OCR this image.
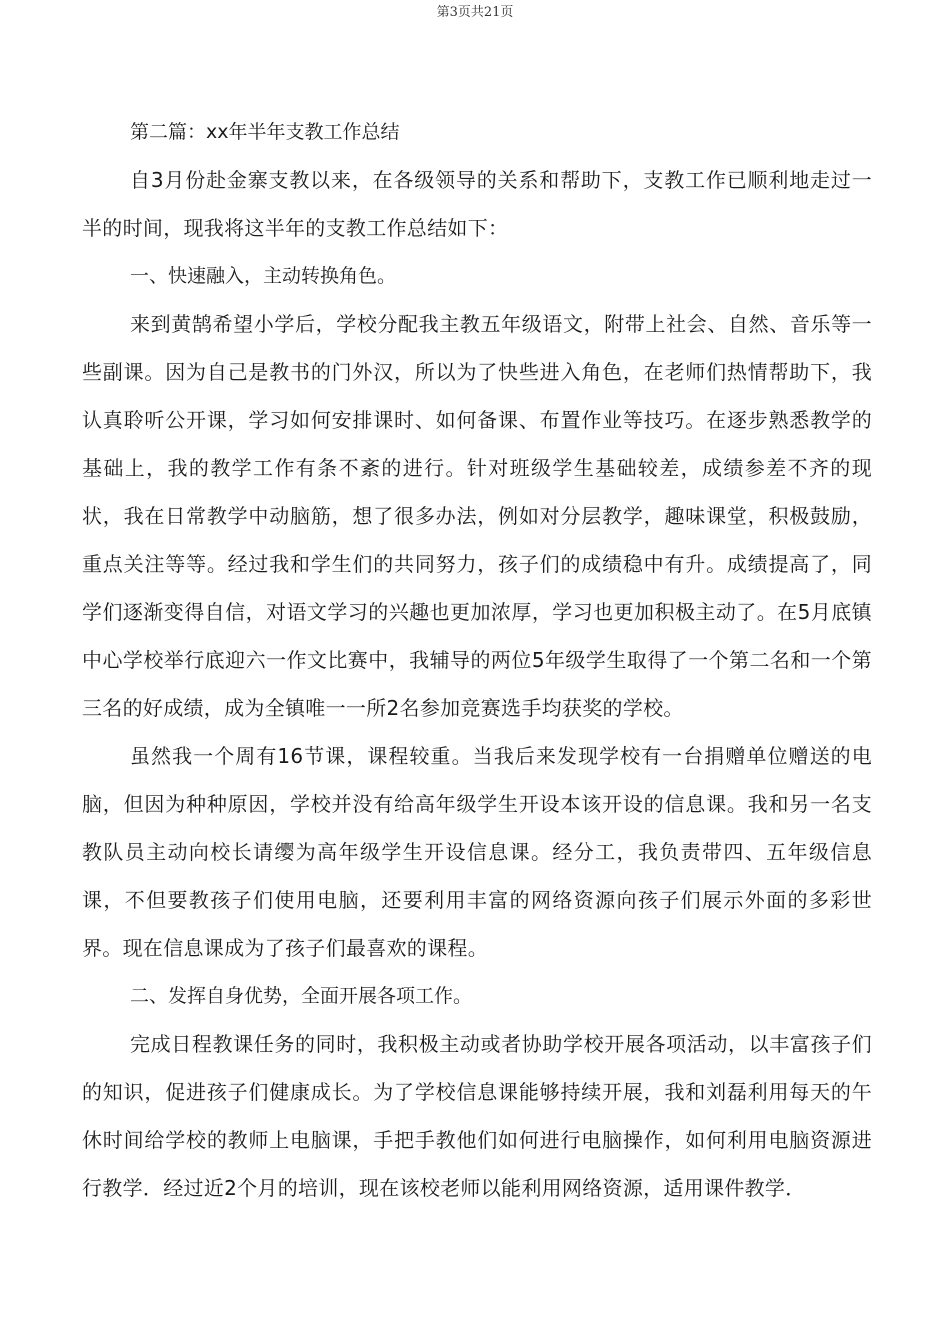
第3页共21页

第二篇：xx年半年支教工作总结

自3月份赴金寨支教以来，在各级领导的关系和帮助下，支教工作已顺利地走过一半的时间，现我将这半年的支教工作总结如下：

一、快速融入，主动转换角色。

来到黄鹄希望小学后，学校分配我主教五年级语文，附带上社会、自然、音乐等一些副课。因为自己是教书的门外汉，所以为了快些进入角色，在老师们热情帮助下，我认真聆听公开课，学习如何安排课时、如何备课、布置作业等技巧。在逐步熟悉教学的基础上，我的教学工作有条不紊的进行。针对班级学生基础较差，成绩参差不齐的现状，我在日常教学中动脑筋，想了很多办法，例如对分层教学，趣味课堂，积极鼓励，重点关注等等。经过我和学生们的共同努力，孩子们的成绩稳中有升。成绩提高了，同学们逐渐变得自信，对语文学习的兴趣也更加浓厚，学习也更加积极主动了。在5月底镇中心学校举行底迎六一作文比赛中，我辅导的两位5年级学生取得了一个第二名和一个第三名的好成绩，成为全镇唯一一所2名参加竞赛选手均获奖的学校。

虽然我一个周有16节课，课程较重。当我后来发现学校有一台捐赠单位赠送的电脑，但因为种种原因，学校并没有给高年级学生开设本该开设的信息课。我和另一名支教队员主动向校长请缨为高年级学生开设信息课。经分工，我负责带四、五年级信息课，不但要教孩子们使用电脑，还要利用丰富的网络资源向孩子们展示外面的多彩世界。现在信息课成为了孩子们最喜欢的课程。

二、发挥自身优势，全面开展各项工作。

完成日程教课任务的同时，我积极主动或者协助学校开展各项活动，以丰富孩子们的知识，促进孩子们健康成长。为了学校信息课能够持续开展，我和刘磊利用每天的午休时间给学校的教师上电脑课，手把手教他们如何进行电脑操作，如何利用电脑资源进行教学．经过近2个月的培训，现在该校老师以能利用网络资源，适用课件教学．
